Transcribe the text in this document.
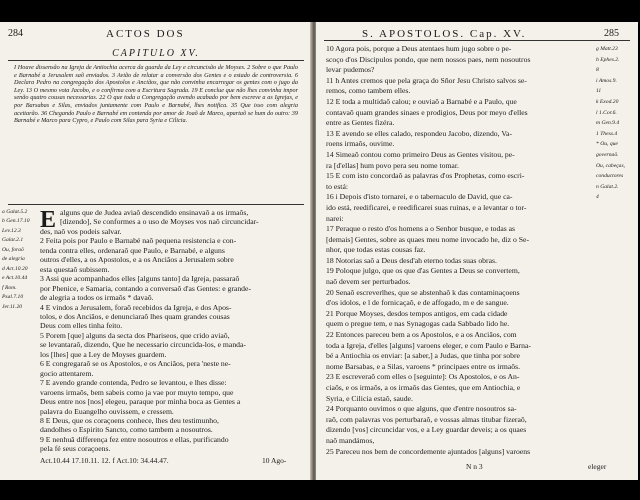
284	ACTOS DOS
CAPITULO XV.
I Houve dissensão na Igreja de Antiochia acerca da guarda da Ley e circuncisão de Moyses. 2 Sobre o que Paulo e Barnabé a Jerusalem saõ enviados. 3 Avião de relatar a conversão dos Gentes e o estado de controversia. 6 Declara Pedro na congregação dos Apostolos e Anciãos, que não convinha encarregar os gentes com o jugo da Ley. 13 O mesmo vota Jacobo, e o confirma com a Escritura Sagrada. 19 E conclue que não lhes convinha impor senão quatro cousas necessarias. 22 O que toda a Congregação avendo acabado por bem escreve a as Igrejas, e por Barsabas e Silas, enviados juntamente com Paulo e Barnabé, lhes notifica. 35 Que isso com alegria aceitarão. 36 Chegando Paulo e Barnabé em contenda por amor de Joaõ de Marco, apartaõ se hum do outro: 39 Barnabé e Marco para Cypro, e Paulo com Silas para Syria e Cilicia.
a Galat.5.2
b Gen.17.10
Lev.12.3
Galat.2.1
Ou, foraõ
de alegria
d Act.10.20
e Act.10.44
f Rom.
Psal.7.10
Jer.11.20
E alguns que de Judea aviaõ descendido ensinavaõ a os irmaõs,
[dizendo], Se conformes a o uso de Moyses vos naõ circuncidar-
des, naõ vos podeis salvar.
2 Feita pois por Paulo e Barnabé naõ pequena resistencia e con-
tenda contra elles, ordenaraõ que Paulo, e Barnabé, e alguns
outros d'elles, a os Apostolos, e a os Anciãos a Jerusalem sobre
esta questaõ subissem.
3 Assi que acompanhados elles [alguns tanto] da Igreja, passaraõ
por Phenice, e Samaria, contando a conversaõ d'as Gentes: e grande-
de alegria a todos os irmaõs * davaõ.
4 E vindos a Jerusalem, foraõ recebidos da Igreja, e dos Apos-
tolos, e dos Anciãos, e denunciaraõ lhes quam grandes cousas
Deus com elles tinha feito.
5 Porem [que] alguns da secta dos Phariseos, que crido aviaõ,
se levantaraõ, dizendo, Que he necessario circuncida-los, e manda-
los [lhes] que a Ley de Moyses guardem.
6 E congregaraõ se os Apostolos, e os Anciãos, pera 'neste ne-
gocio attentarem.
7 E avendo grande contenda, Pedro se levantou, e lhes disse:
varoens irmaõs, bem sabeis como ja vae por muyto tempo, que
Deus entre nos [nos] elegeu, paraque por minha boca as Gentes a
palavra do Euangelho ouvissem, e cressem.
8 E Deus, que os coraçoens conhece, lhes deu testimunho,
dandolhes o Espirito Sancto, como tambem a nosoutros.
9 E nenhuã differença fez entre nosoutros e ellas, purificando
pela fé seus coraçoens.
Act.10.44 17.10.11. 12. f Act.10: 34.44.47.	10 Ago-
S. APOSTOLOS. Cap. XV.	285
10 Agora pois, porque a Deus atentaes hum jugo sobre o pe-
scoço d'os Discipulos pondo, que nem nossos paes, nem nosoutros
levar pudemos?
11 h Antes cremos que pela graça do Sñor Jesu Christo salvos se-
remos, como tambem elles.
12 E toda a multidaõ calou; e ouviaõ a Barnabé e a Paulo, que
contavaõ quam grandes sinaes e prodigios, Deus por meyo d'elles
entre as Gentes fizéra.
13 E avendo se elles calado, respondeu Jacobo, dizendo, Va-
roens irmaõs, ouvime.
14 Simeaõ contou como primeiro Deus as Gentes visitou, pe-
ra [d'ellas] hum povo pera seu nome tomar.
15 E com isto concordaõ as palavras d'os Prophetas, como escri-
to está:
16 i Depois d'isto tornarei, e o tabernaculo de David, que ca-
ido está, reedificarei, e reedificarei suas ruinas, e a levantar o tor-
narei:
17 Peraque o resto d'os homens a o Senhor busque, e todas as
[demais] Gentes, sobre as quaes meu nome invocado he, diz o Se-
nhor, que todas estas cousas faz.
18 Notorias saõ a Deus desd'ah eterno todas suas obras.
19 Poloque julgo, que os que d'as Gentes a Deus se convertem,
naõ devem ser perturbados.
20 Senaõ escreverlhes, que se abstenhaõ k das contaminaçoens
d'os idolos, e l de fornicaçaõ, e de affogado, m e de sangue.
21 Porque Moyses, desdos tempos antigos, em cada cidade
quem o pregue tem, e nas Synagogas cada Sabbado lido he.
22 Entonces pareceu bem a os Apostolos, e a os Anciãos, com
toda a Igreja, d'elles [alguns] varoens eleger, e com Paulo e Barna-
bé a Antiochia os enviar: [a saber,] a Judas, que tinha por sobre
nome Barsabas, e a Silas, varoens * principaes entre os irmaõs.
23 E escreveraõ com elles o [seguinte]: Os Apostolos, e os An-
ciaõs, e os irmaõs, a os irmaõs das Gentes, que em Antiochia, e
Syria, e Cilicia estaõ, saude.
24 Porquanto ouvimos o que alguns, que d'entre nosoutros sa-
raõ, com palavras vos perturbaraõ, e vossas almas titubar fizeraõ,
dizendo [vos] circuncidar vos, e a Ley guardar deveis; a os quaes
naõ mandámos,
25 Pareceu nos bem de concordemente ajuntados [alguns] varoens
g Matt.23
h Ephes.2.
8
i Amos.9.
11
k Exod.20
l 1.Cor.6.
m Gen.9.4
1 Thess.4
* Ou, que
governaõ.
Ou, cabeças,
conductores
n Galat.2.
4
N n 3	eleger
